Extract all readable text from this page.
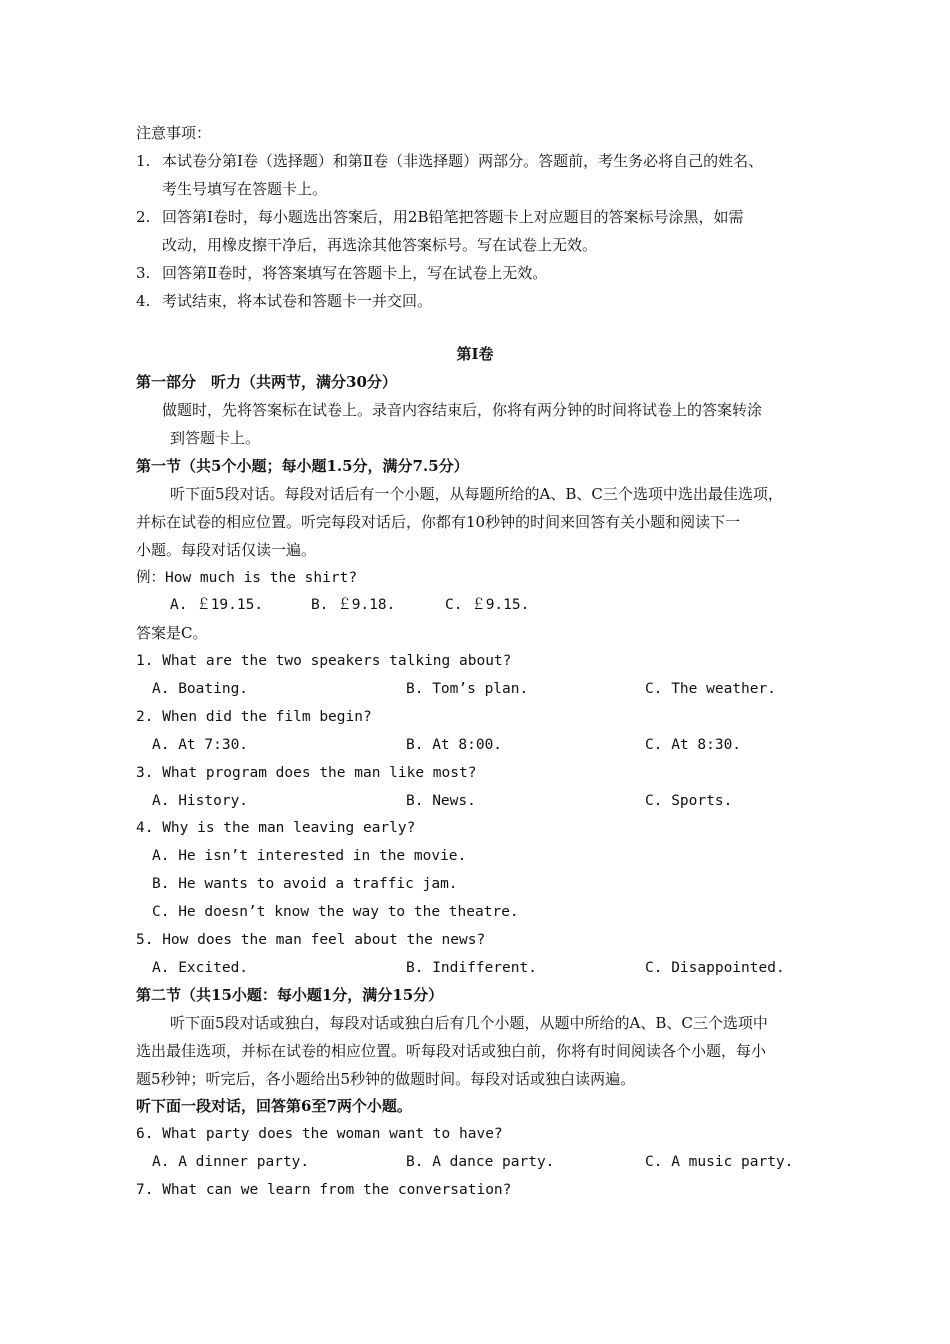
注意事项：
1. 本试卷分第Ⅰ卷（选择题）和第Ⅱ卷（非选择题）两部分。答题前，考生务必将自己的姓名、
考生号填写在答题卡上。
2. 回答第Ⅰ卷时，每小题选出答案后，用2B铅笔把答题卡上对应题目的答案标号涂黑，如需
改动，用橡皮擦干净后，再选涂其他答案标号。写在试卷上无效。
3. 回答第Ⅱ卷时，将答案填写在答题卡上，写在试卷上无效。
4. 考试结束，将本试卷和答题卡一并交回。
第Ⅰ卷
第一部分　听力（共两节，满分30分）
做题时，先将答案标在试卷上。录音内容结束后，你将有两分钟的时间将试卷上的答案转涂
到答题卡上。
第一节（共5个小题；每小题1.5分，满分7.5分）
听下面5段对话。每段对话后有一个小题，从每题所给的A、B、C三个选项中选出最佳选项，
并标在试卷的相应位置。听完每段对话后，你都有10秒钟的时间来回答有关小题和阅读下一
小题。每段对话仅读一遍。
例：How much is the shirt?
A. ￡19.15.	B. ￡9.18.	C. ￡9.15.
答案是C。
1. What are the two speakers talking about?
A. Boating.	B. Tom’s plan.	C. The weather.
2. When did the film begin?
A. At 7:30.	B. At 8:00.	C. At 8:30.
3. What program does the man like most?
A. History.	B. News.	C. Sports.
4. Why is the man leaving early?
A. He isn’t interested in the movie.
B. He wants to avoid a traffic jam.
C. He doesn’t know the way to the theatre.
5. How does the man feel about the news?
A. Excited.	B. Indifferent.	C. Disappointed.
第二节（共15小题：每小题1分，满分15分）
听下面5段对话或独白，每段对话或独白后有几个小题，从题中所给的A、B、C三个选项中
选出最佳选项，并标在试卷的相应位置。听每段对话或独白前，你将有时间阅读各个小题，每小
题5秒钟；听完后，各小题给出5秒钟的做题时间。每段对话或独白读两遍。
听下面一段对话，回答第6至7两个小题。
6. What party does the woman want to have?
A. A dinner party.	B. A dance party.	C. A music party.
7. What can we learn from the conversation?
